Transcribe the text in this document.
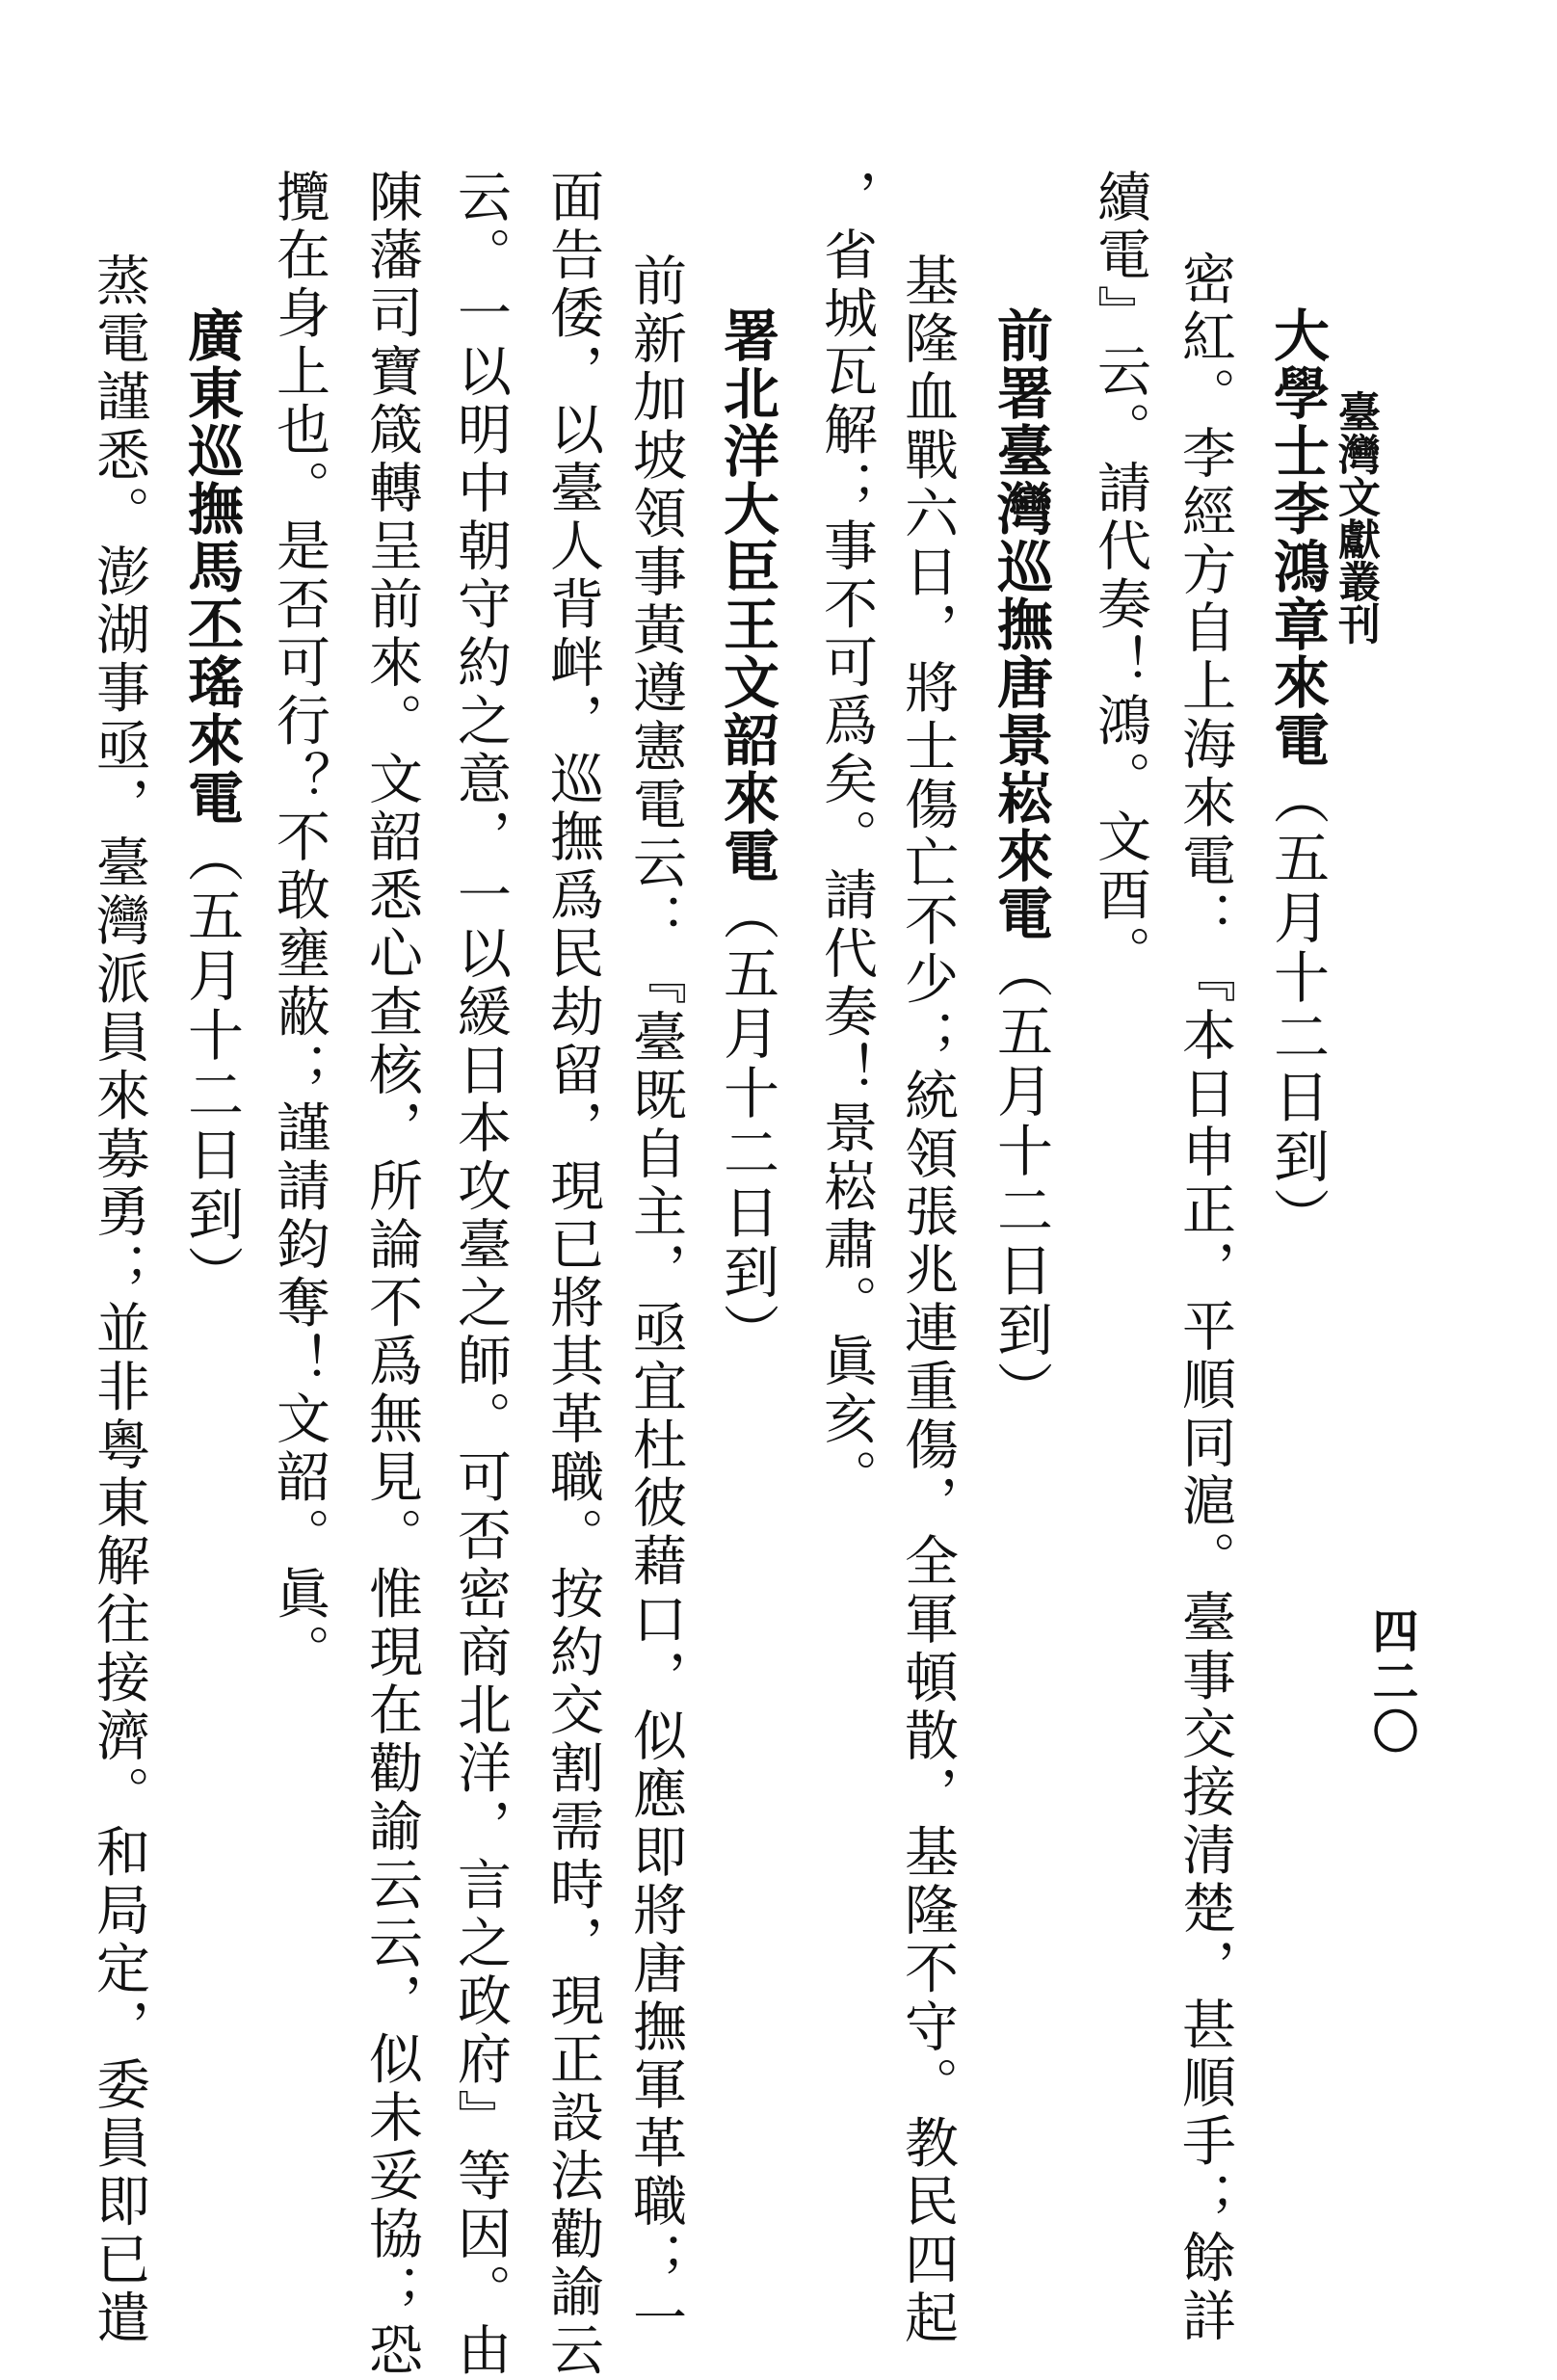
臺灣文獻叢刊
四二〇
大學士李鴻章來電（五月十二日到）
密紅。李經方自上海來電：『本日申正，平順同滬。臺事交接清楚，甚順手；餘詳
續電』云。請代奏！鴻。文酉。
前署臺灣巡撫唐景崧來電（五月十二日到）
基隆血戰六日，將士傷亡不少；統領張兆連重傷，全軍頓散，基隆不守。教民四起
，省城瓦解；事不可爲矣。請代奏！景崧肅。眞亥。
署北洋大臣王文韶來電（五月十二日到）
前新加坡領事黃遵憲電云：『臺既自主，亟宜杜彼藉口，似應即將唐撫軍革職；一
面告倭，以臺人背衅，巡撫爲民劫留，現已將其革職。按約交割需時，現正設法勸諭云
云。一以明中朝守約之意，一以緩日本攻臺之師。可否密商北洋，言之政府』等因。由
陳藩司寶箴轉呈前來。文韶悉心查核，所論不爲無見。惟現在勸諭云云，似未妥協；恐
攬在身上也。是否可行？不敢壅蔽；謹請鈞奪！文韶。眞。
廣東巡撫馬丕瑤來電（五月十二日到）
蒸電謹悉。澎湖事亟，臺灣派員來募勇；並非粵東解往接濟。和局定，委員即已遣
